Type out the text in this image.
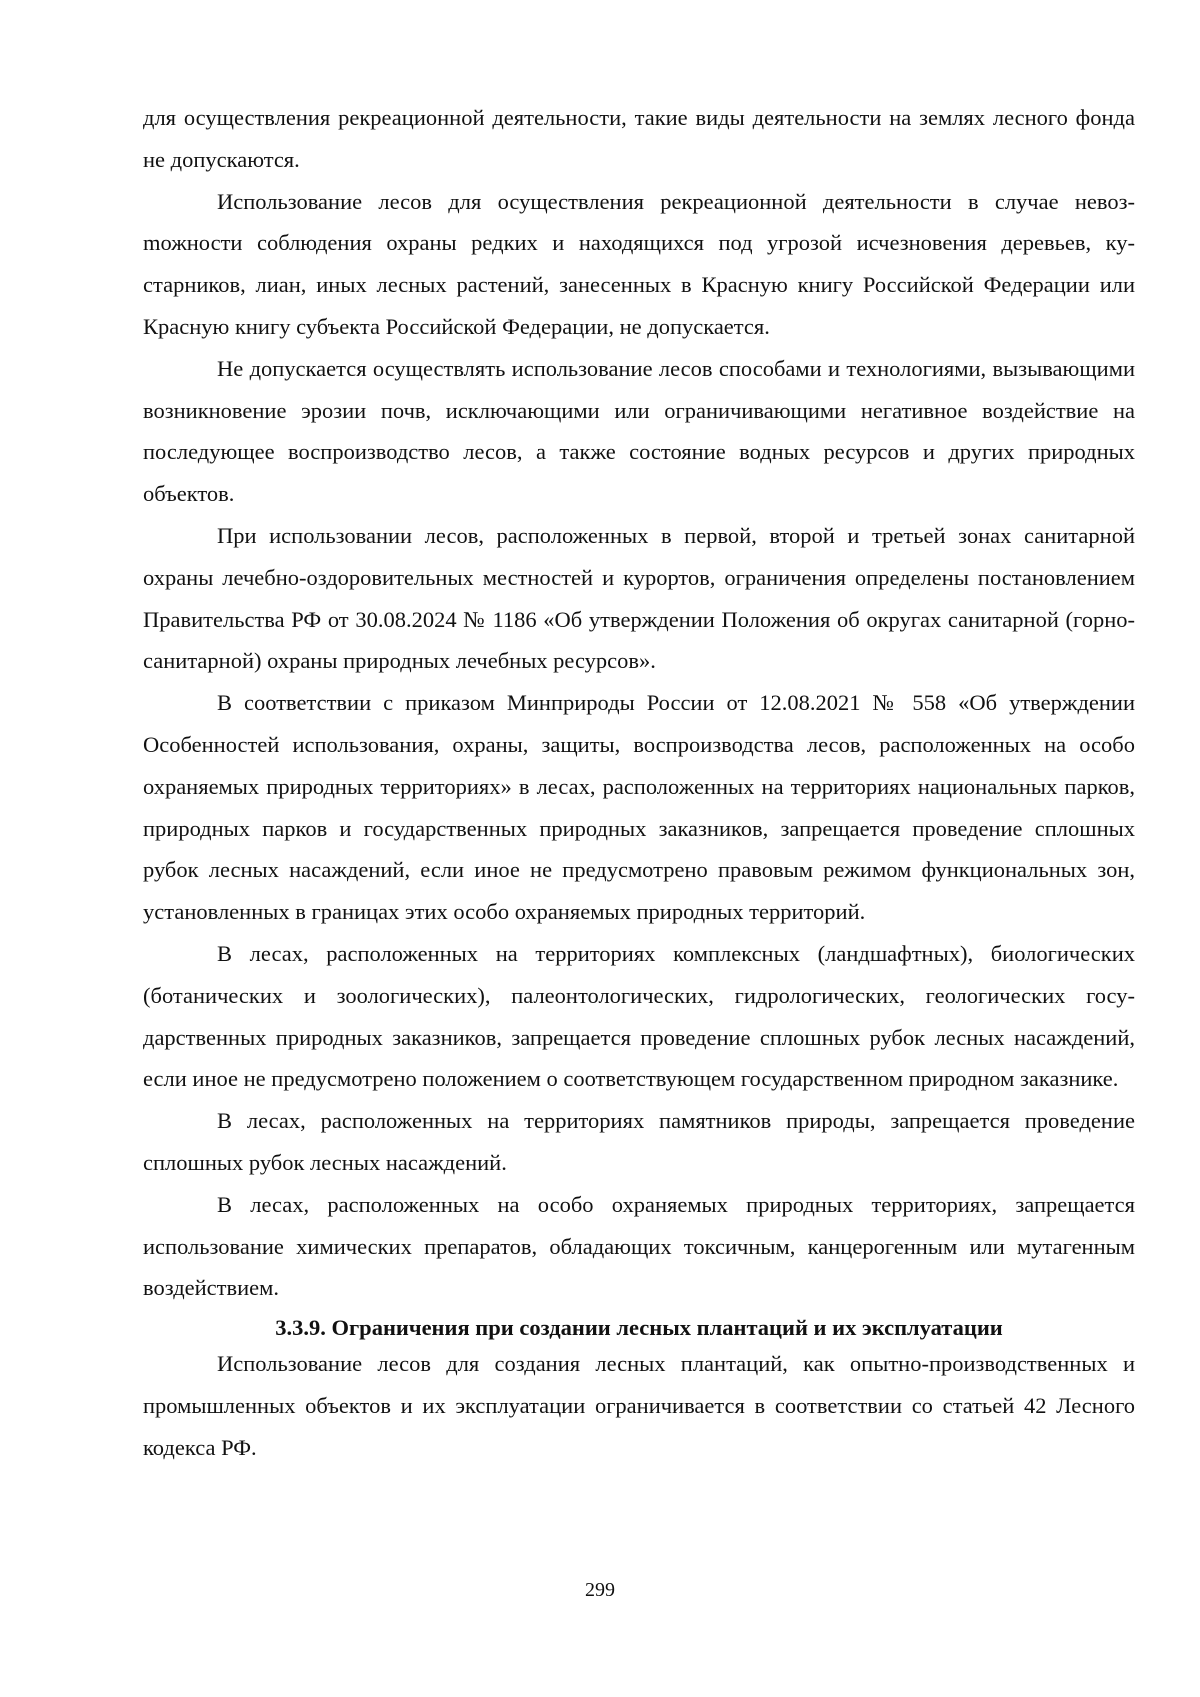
для осуществления рекреационной деятельности, такие виды деятельности на землях лесного фонда не допускаются.

Использование лесов для осуществления рекреационной деятельности в случае невозmожности соблюдения охраны редких и находящихся под угрозой исчезновения деревьев, кустарников, лиан, иных лесных растений, занесенных в Красную книгу Российской Федерации или Красную книгу субъекта Российской Федерации, не допускается.

Не допускается осуществлять использование лесов способами и технологиями, вызывающими возникновение эрозии почв, исключающими или ограничивающими негативное воздействие на последующее воспроизводство лесов, а также состояние водных ресурсов и других природных объектов.

При использовании лесов, расположенных в первой, второй и третьей зонах санитарной охраны лечебно-оздоровительных местностей и курортов, ограничения определены постановлением Правительства РФ от 30.08.2024 № 1186 «Об утверждении Положения об округах санитарной (горно-санитарной) охраны природных лечебных ресурсов».

В соответствии с приказом Минприроды России от 12.08.2021 № 558 «Об утверждении Особенностей использования, охраны, защиты, воспроизводства лесов, расположенных на особо охраняемых природных территориях» в лесах, расположенных на территориях национальных парков, природных парков и государственных природных заказников, запрещается проведение сплошных рубок лесных насаждений, если иное не предусмотрено правовым режимом функциональных зон, установленных в границах этих особо охраняемых природных территорий.

В лесах, расположенных на территориях комплексных (ландшафтных), биологических (ботанических и зоологических), палеонтологических, гидрологических, геологических государственных природных заказников, запрещается проведение сплошных рубок лесных насаждений, если иное не предусмотрено положением о соответствующем государственном природном заказнике.

В лесах, расположенных на территориях памятников природы, запрещается проведение сплошных рубок лесных насаждений.

В лесах, расположенных на особо охраняемых природных территориях, запрещается использование химических препаратов, обладающих токсичным, канцерогенным или мутагенным воздействием.

3.3.9. Ограничения при создании лесных плантаций и их эксплуатации

Использование лесов для создания лесных плантаций, как опытно-производственных и промышленных объектов и их эксплуатации ограничивается в соответствии со статьей 42 Лесного кодекса РФ.

299
